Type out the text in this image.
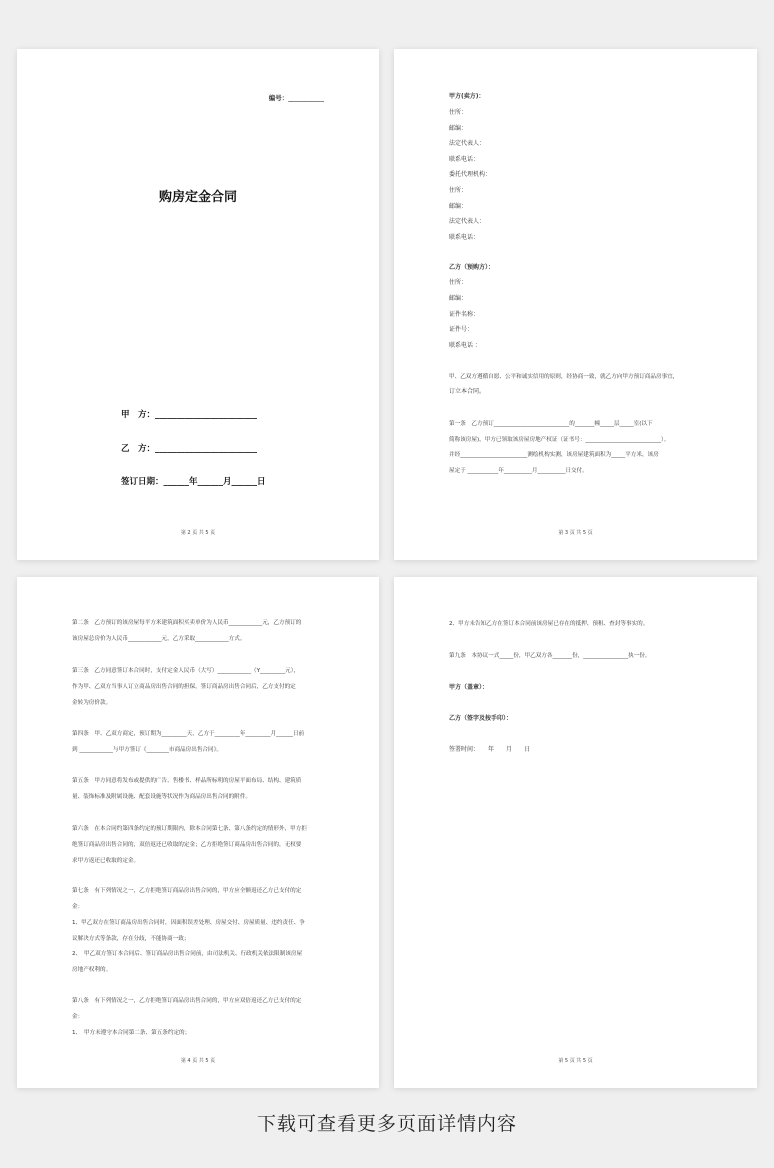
编号：___________
购房定金合同
甲　方：________________________
乙　方：________________________
签订日期：______年______月______日
第 2 页 共 5 页
甲方(卖方)：
住所：
邮编：
法定代表人：
联系电话：
委托代理机构：
住所：
邮编：
法定代表人：
联系电话：
乙方（预购方）：
住所：
邮编：
证件名称：
证件号：
联系电话 ：
甲、乙双方遵循自愿、公平和诚实信用的原则，经协商一致，就乙方向甲方预订商品房事宜，
订立本合同。
第一条　乙方预订___________________________的_______幢_____层_____室(以下
简称该房屋)，甲方已领取该房屋房地产权证（证书号：___________________________）。
并经________________________测绘机构实测，该房屋建筑面积为_____平方米，该房
屋定于 ___________年__________月__________日交付。
第 3 页 共 5 页
第二条　乙方预订的该房屋每平方米建筑面积买卖单价为人民币____________元，乙方预订的
该房屋总房价为人民币____________元，乙方采取____________方式。
第三条　乙方同意签订本合同时，支付定金人民币（大写）____________（Y_________元），
作为甲、乙双方当事人订立商品房出售合同的担保，签订商品房出售合同后，乙方支付的定
金转为房价款。
第四条　甲、乙双方商定，预订期为_________天，乙方于_________年_________月______日前
到 ____________与甲方签订《________市商品房出售合同》。
第五条　甲方同意将发布或提供的广告、售楼书、样品所标明的房屋平面布局、结构、建筑质
量、装饰标准及附属设施、配套设施等状况作为商品房出售合同的附件。
第六条　在本合同约第四条约定的预订期限内，除本合同第七条、第八条约定的情形外，甲方拒
绝签订商品房出售合同的，双倍返还已收取的定金；乙方拒绝签订商品房出售合同的，无权要
求甲方返还已收取的定金。
第七条　有下列情况之一，乙方拒绝签订商品房出售合同的，甲方应全额返还乙方已支付的定
金：
1、甲乙双方在签订商品房出售合同时，因面积误差处理、房屋交付、房屋质量、违约责任、争
议解决方式等条款，存在分歧，不能协商一致；
2、　甲乙双方签订本合同后、签订商品房出售合同前，由司法机关、行政机关依法限制该房屋
房地产权利的。
第八条　有下列情况之一，乙方拒绝签订商品房出售合同的，甲方应双倍返还乙方已支付的定
金：
1、　甲方未遵守本合同第二条、第五条约定的；
第 4 页 共 5 页
2、甲方未告知乙方在签订本合同前该房屋已存在的抵押、预租、查封等事实的。
第九条　本协议一式_____份，甲乙双方各_______份，________________执一份。
甲方（盖章）：
乙方（签字及按手印）：
签署时间：　　年　　月　　日
第 5 页 共 5 页
下载可查看更多页面详情内容
